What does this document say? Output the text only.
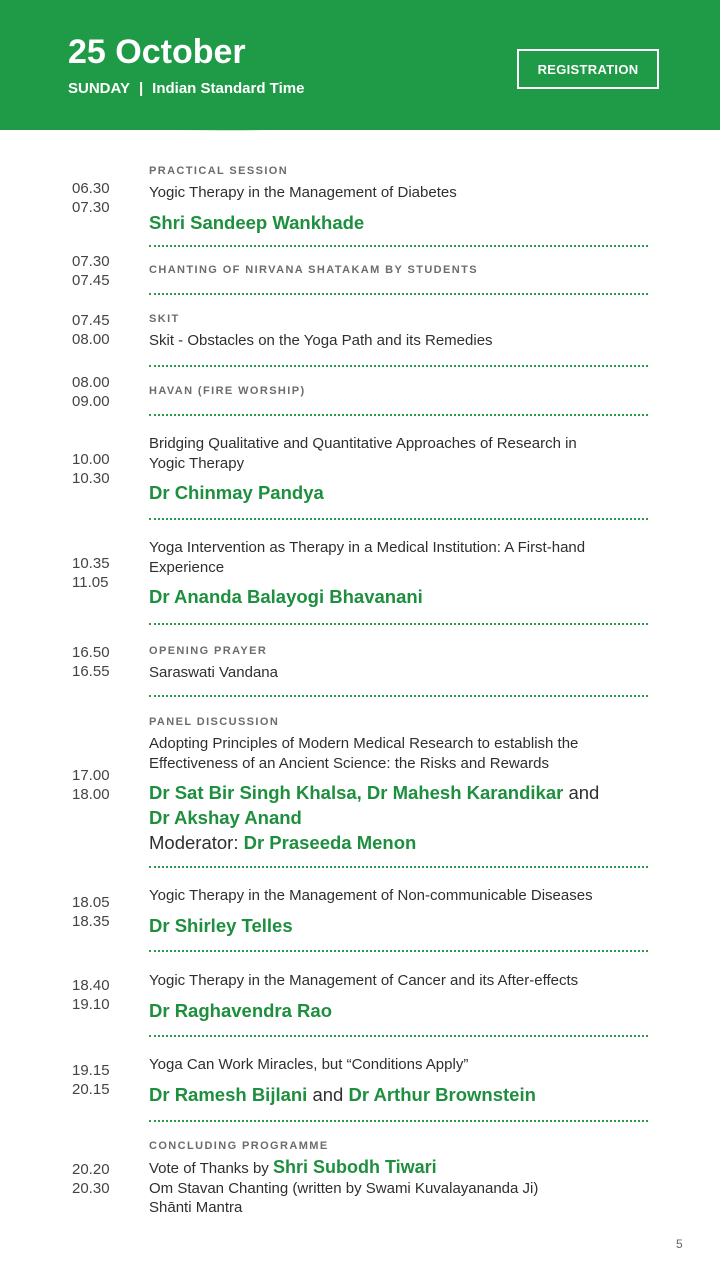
25 October
SUNDAY | Indian Standard Time
REGISTRATION
06.30
07.30
PRACTICAL SESSION
Yogic Therapy in the Management of Diabetes
Shri Sandeep Wankhade
07.30
07.45
CHANTING OF NIRVANA SHATAKAM BY STUDENTS
07.45
08.00
SKIT
Skit - Obstacles on the Yoga Path and its Remedies
08.00
09.00
HAVAN (FIRE WORSHIP)
10.00
10.30
Bridging Qualitative and Quantitative Approaches of Research in
Yogic Therapy
Dr Chinmay Pandya
10.35
11.05
Yoga Intervention as Therapy in a Medical Institution: A First-hand
Experience
Dr Ananda Balayogi Bhavanani
16.50
16.55
OPENING PRAYER
Saraswati Vandana
17.00
18.00
PANEL DISCUSSION
Adopting Principles of Modern Medical Research to establish the
Effectiveness of an Ancient Science: the Risks and Rewards
Dr Sat Bir Singh Khalsa, Dr Mahesh Karandikar and
Dr Akshay Anand
Moderator: Dr Praseeda Menon
18.05
18.35
Yogic Therapy in the Management of Non-communicable Diseases
Dr Shirley Telles
18.40
19.10
Yogic Therapy in the Management of Cancer and its After-effects
Dr Raghavendra Rao
19.15
20.15
Yoga Can Work Miracles, but “Conditions Apply”
Dr Ramesh Bijlani and Dr Arthur Brownstein
20.20
20.30
CONCLUDING PROGRAMME
Vote of Thanks by Shri Subodh Tiwari
Om Stavan Chanting (written by Swami Kuvalayananda Ji)
Shānti Mantra
5
